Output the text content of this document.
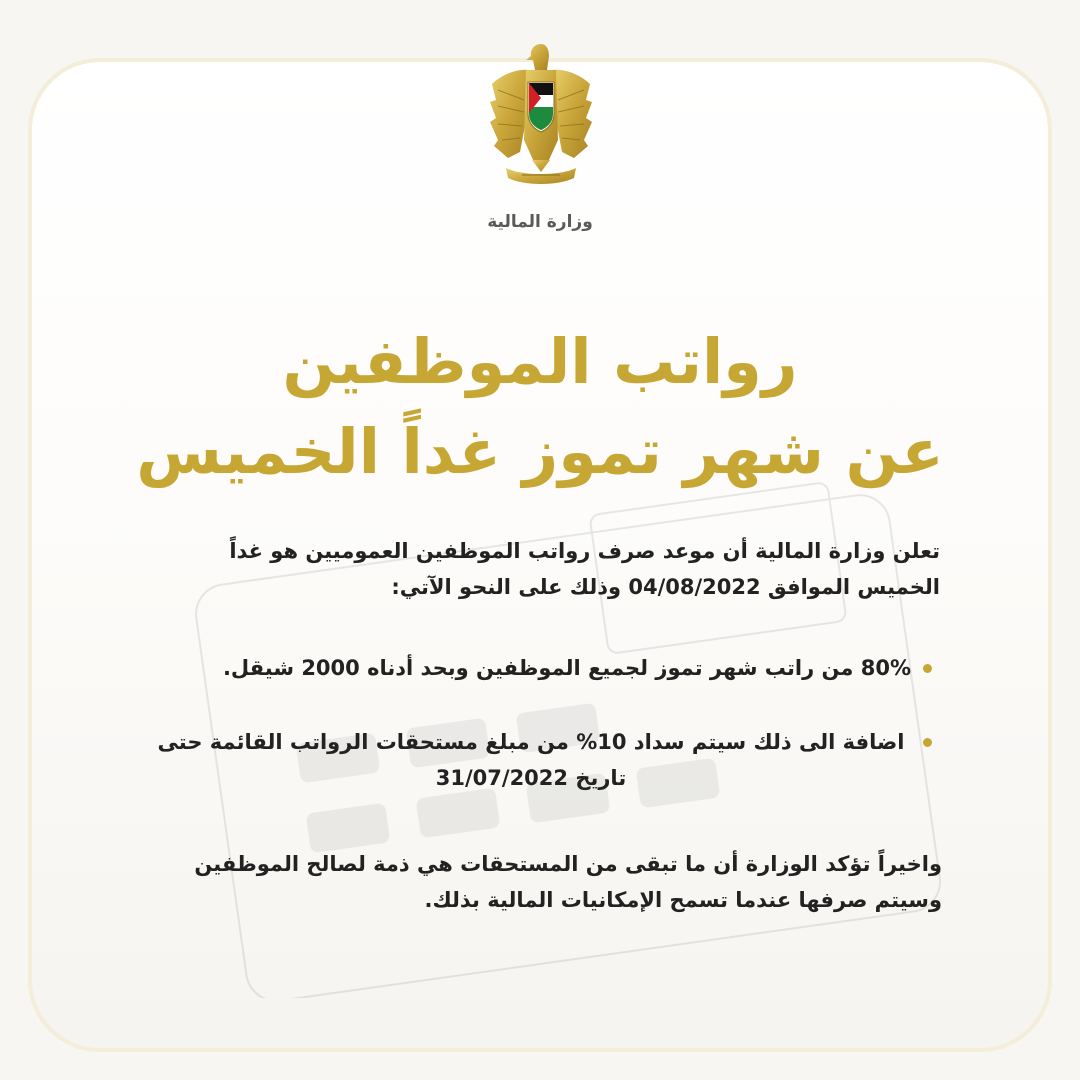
وزارة المالية
رواتب الموظفين
عن شهر تموز غداً الخميس
تعلن وزارة المالية أن موعد صرف رواتب الموظفين العموميين هو غداً الخميس الموافق 04/08/2022 وذلك على النحو الآتي:
80% من راتب شهر تموز لجميع الموظفين وبحد أدناه 2000 شيقل.
اضافة الى ذلك سيتم سداد 10% من مبلغ مستحقات الرواتب القائمة حتى تاريخ 31/07/2022
واخيراً تؤكد الوزارة أن ما تبقى من المستحقات هي ذمة لصالح الموظفين وسيتم صرفها عندما تسمح الإمكانيات المالية بذلك.
